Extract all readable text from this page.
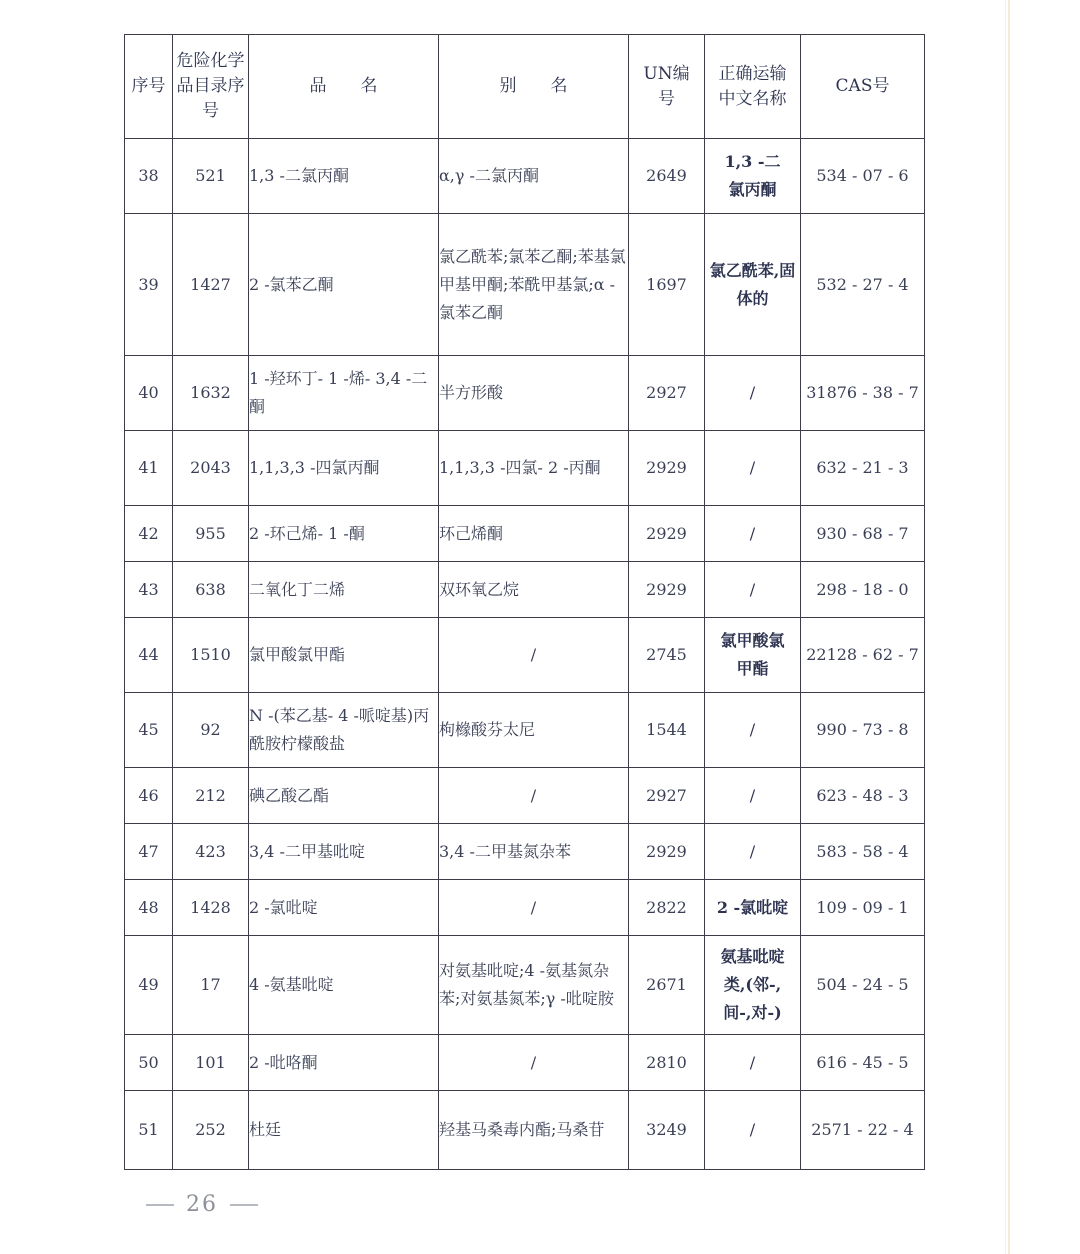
序号	危险化学品目录序号	品　　名	别　　名	UN编号	正确运输中文名称	CAS号
38	521	1,3 -二氯丙酮	α,γ -二氯丙酮	2649	1,3 -二氯丙酮	534 - 07 - 6
39	1427	2 -氯苯乙酮	氯乙酰苯;氯苯乙酮;苯基氯甲基甲酮;苯酰甲基氯;α -氯苯乙酮	1697	氯乙酰苯,固体的	532 - 27 - 4
40	1632	1 -羟环丁- 1 -烯- 3,4 -二酮	半方形酸	2927	/	31876 - 38 - 7
41	2043	1,1,3,3 -四氯丙酮	1,1,3,3 -四氯- 2 -丙酮	2929	/	632 - 21 - 3
42	955	2 -环己烯- 1 -酮	环己烯酮	2929	/	930 - 68 - 7
43	638	二氧化丁二烯	双环氧乙烷	2929	/	298 - 18 - 0
44	1510	氯甲酸氯甲酯	/	2745	氯甲酸氯甲酯	22128 - 62 - 7
45	92	N -(苯乙基- 4 -哌啶基)丙酰胺柠檬酸盐	枸橼酸芬太尼	1544	/	990 - 73 - 8
46	212	碘乙酸乙酯	/	2927	/	623 - 48 - 3
47	423	3,4 -二甲基吡啶	3,4 -二甲基氮杂苯	2929	/	583 - 58 - 4
48	1428	2 -氯吡啶	/	2822	2 -氯吡啶	109 - 09 - 1
49	17	4 -氨基吡啶	对氨基吡啶;4 -氨基氮杂苯;对氨基氮苯;γ -吡啶胺	2671	氨基吡啶类,(邻-,间-,对-)	504 - 24 - 5
50	101	2 -吡咯酮	/	2810	/	616 - 45 - 5
51	252	杜廷	羟基马桑毒内酯;马桑苷	3249	/	2571 - 22 - 4
26
